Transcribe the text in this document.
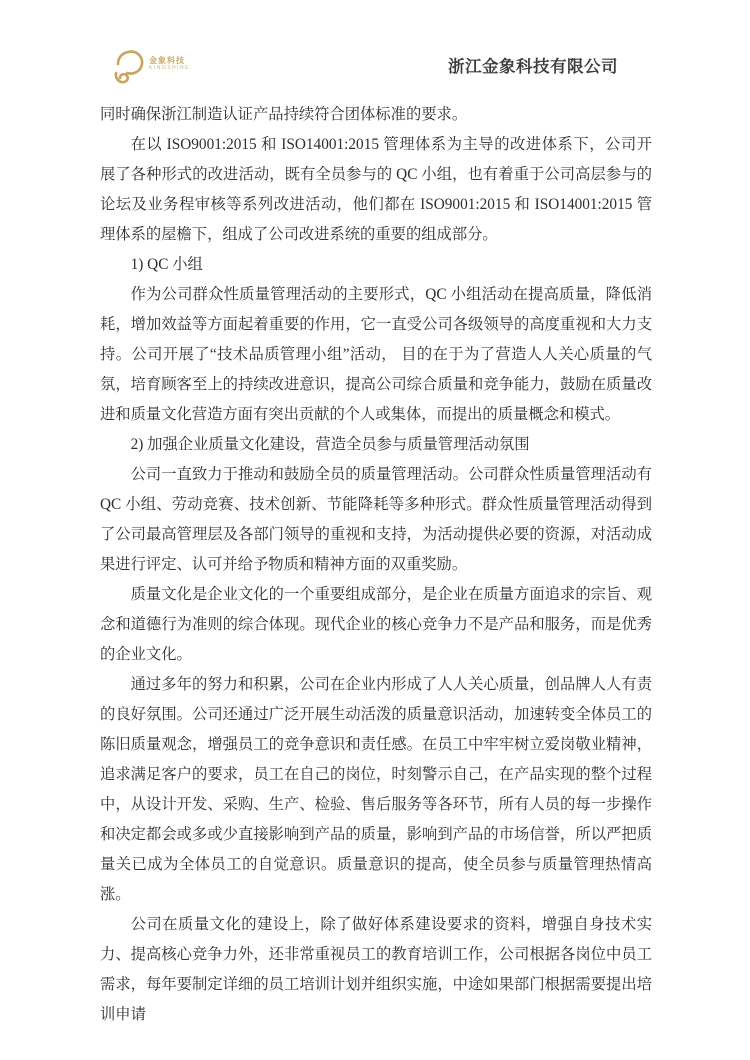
金象科技
KINGSHINE	浙江金象科技有限公司

同时确保浙江制造认证产品持续符合团体标准的要求。

在以 ISO9001:2015 和 ISO14001:2015 管理体系为主导的改进体系下，公司开展了各种形式的改进活动，既有全员参与的 QC 小组，也有着重于公司高层参与的论坛及业务程审核等系列改进活动，他们都在 ISO9001:2015 和 ISO14001:2015 管理体系的屋檐下，组成了公司改进系统的重要的组成部分。

1) QC 小组

作为公司群众性质量管理活动的主要形式，QC 小组活动在提高质量，降低消耗，增加效益等方面起着重要的作用，它一直受公司各级领导的高度重视和大力支持。公司开展了“技术品质管理小组”活动， 目的在于为了营造人人关心质量的气氛，培育顾客至上的持续改进意识，提高公司综合质量和竞争能力，鼓励在质量改进和质量文化营造方面有突出贡献的个人或集体，而提出的质量概念和模式。

2) 加强企业质量文化建设，营造全员参与质量管理活动氛围

公司一直致力于推动和鼓励全员的质量管理活动。公司群众性质量管理活动有 QC 小组、劳动竞赛、技术创新、节能降耗等多种形式。群众性质量管理活动得到了公司最高管理层及各部门领导的重视和支持，为活动提供必要的资源，对活动成果进行评定、认可并给予物质和精神方面的双重奖励。

质量文化是企业文化的一个重要组成部分，是企业在质量方面追求的宗旨、观念和道德行为准则的综合体现。现代企业的核心竞争力不是产品和服务，而是优秀的企业文化。

通过多年的努力和积累，公司在企业内形成了人人关心质量，创品牌人人有责的良好氛围。公司还通过广泛开展生动活泼的质量意识活动，加速转变全体员工的陈旧质量观念，增强员工的竞争意识和责任感。在员工中牢牢树立爱岗敬业精神，追求满足客户的要求，员工在自己的岗位，时刻警示自己，在产品实现的整个过程中，从设计开发、采购、生产、检验、售后服务等各环节，所有人员的每一步操作和决定都会或多或少直接影响到产品的质量，影响到产品的市场信誉，所以严把质量关已成为全体员工的自觉意识。质量意识的提高，使全员参与质量管理热情高涨。

公司在质量文化的建设上，除了做好体系建设要求的资料，增强自身技术实力、提高核心竞争力外，还非常重视员工的教育培训工作，公司根据各岗位中员工需求，每年要制定详细的员工培训计划并组织实施，中途如果部门根据需要提出培训申请
